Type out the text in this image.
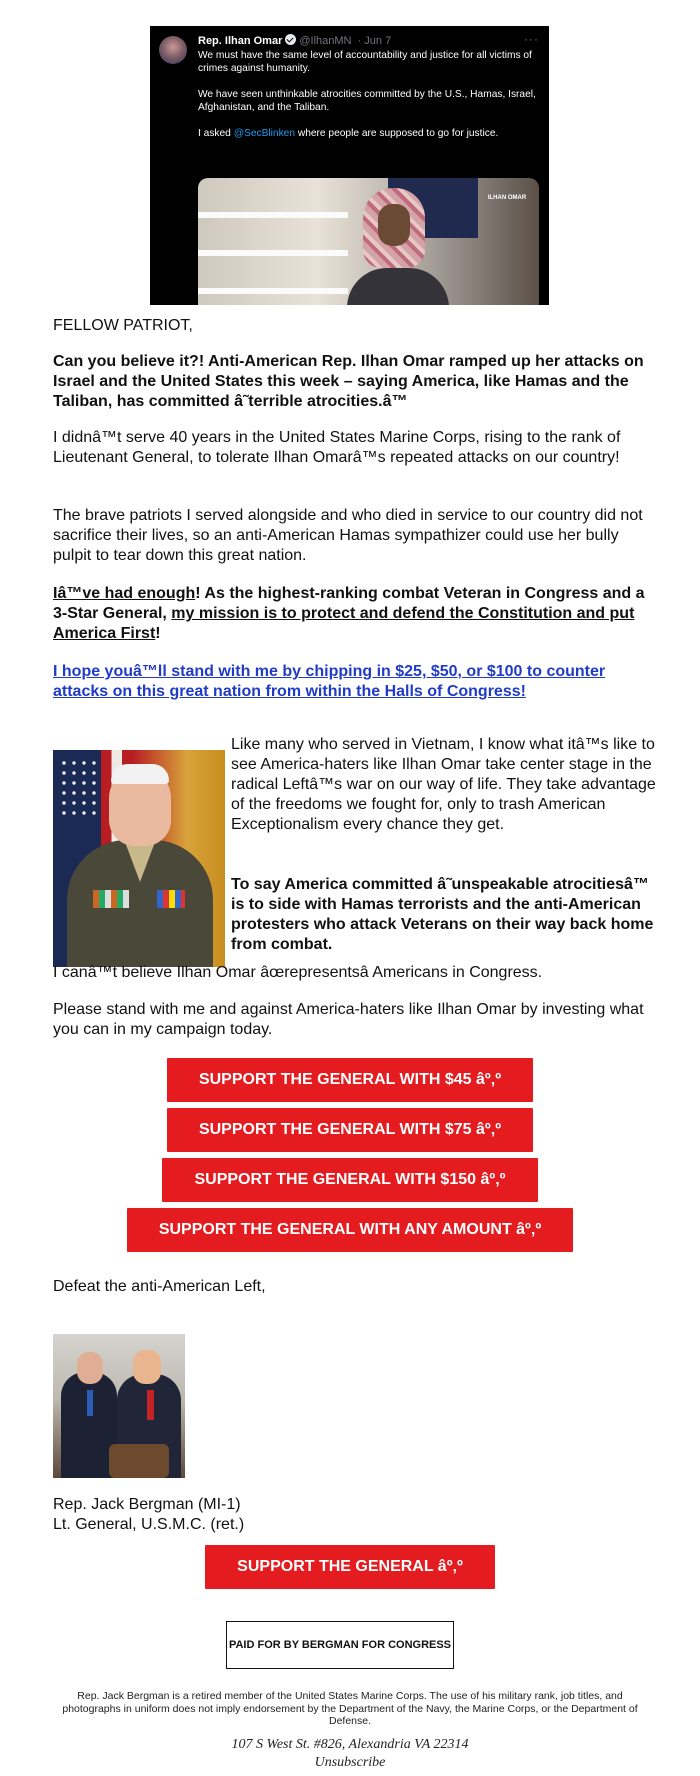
Rep. Ilhan Omar @IlhanMN · Jun 7	···

We must have the same level of accountability and justice for all victims of crimes against humanity.

We have seen unthinkable atrocities committed by the U.S., Hamas, Israel, Afghanistan, and the Taliban.

I asked @SecBlinken where people are supposed to go for justice.

ILHAN OMAR
FELLOW PATRIOT,
Can you believe it?! Anti-American Rep. Ilhan Omar ramped up her attacks on Israel and the United States this week – saying America, like Hamas and the Taliban, has committed â˜terrible atrocities.â™
I didnâ™t serve 40 years in the United States Marine Corps, rising to the rank of Lieutenant General, to tolerate Ilhan Omarâ™s repeated attacks on our country!
The brave patriots I served alongside and who died in service to our country did not sacrifice their lives, so an anti-American Hamas sympathizer could use her bully pulpit to tear down this great nation.
Iâ™ve had enough! As the highest-ranking combat Veteran in Congress and a 3-Star General, my mission is to protect and defend the Constitution and put America First!
I hope youâ™ll stand with me by chipping in $25, $50, or $100 to counter attacks on this great nation from within the Halls of Congress!
Like many who served in Vietnam, I know what itâ™s like to see America-haters like Ilhan Omar take center stage in the radical Leftâ™s war on our way of life. They take advantage of the freedoms we fought for, only to trash American Exceptionalism every chance they get.
To say America committed â˜unspeakable atrocitiesâ™ is to side with Hamas terrorists and the anti-American protesters who attack Veterans on their way back home from combat.
I canâ™t believe Ilhan Omar âœrepresentsâ Americans in Congress.
Please stand with me and against America-haters like Ilhan Omar by investing what you can in my campaign today.
SUPPORT THE GENERAL WITH $45 âº‚º
SUPPORT THE GENERAL WITH $75 âº‚º
SUPPORT THE GENERAL WITH $150 âº‚º
SUPPORT THE GENERAL WITH ANY AMOUNT âº‚º
Defeat the anti-American Left,
Rep. Jack Bergman (MI-1)
Lt. General, U.S.M.C. (ret.)
SUPPORT THE GENERAL âº‚º
PAID FOR BY BERGMAN FOR CONGRESS
Rep. Jack Bergman is a retired member of the United States Marine Corps. The use of his military rank, job titles, and photographs in uniform does not imply endorsement by the Department of the Navy, the Marine Corps, or the Department of Defense.
107 S West St. #826, Alexandria VA 22314
Unsubscribe
